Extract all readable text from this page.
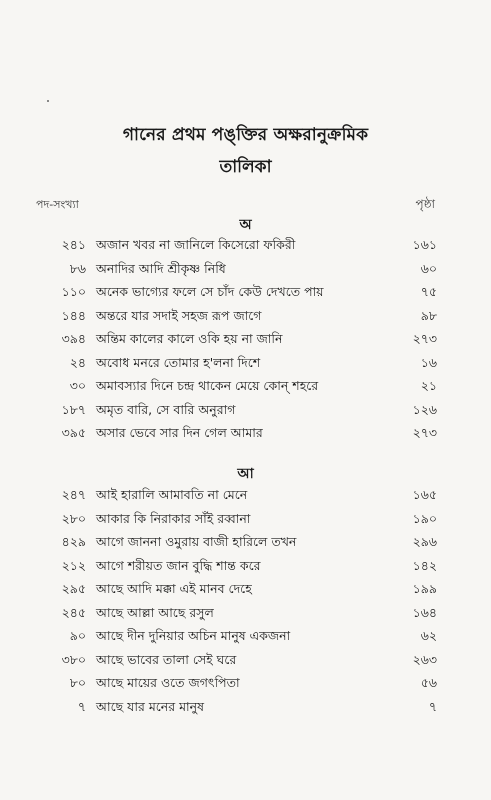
গানের প্রথম পঙ্‌ক্তির অক্ষরানুক্রমিক
তালিকা
পদ-সংখ্যা	পৃষ্ঠা
অ
২৪১ অজান খবর না জানিলে কিসেরো ফকিরী	১৬১
৮৬ অনাদির আদি শ্রীকৃষ্ণ নিধি	৬০
১১০ অনেক ভাগ্যের ফলে সে চাঁদ কেউ দেখতে পায়	৭৫
১৪৪ অন্তরে যার সদাই সহজ রূপ জাগে	৯৮
৩৯৪ অন্তিম কালের কালে ওকি হয় না জানি	২৭৩
২৪ অবোধ মনরে তোমার হ'লনা দিশে	১৬
৩০ অমাবস্যার দিনে চন্দ্র থাকেন মেয়ে কোন্ শহরে	২১
১৮৭ অমৃত বারি, সে বারি অনুরাগ	১২৬
৩৯৫ অসার ভেবে সার দিন গেল আমার	২৭৩
আ
২৪৭ আই হারালি আমাবতি না মেনে	১৬৫
২৮০ আকার কি নিরাকার সাঁই রব্বানা	১৯০
৪২৯ আগে জাননা ওমুরায় বাজী হারিলে তখন	২৯৬
২১২ আগে শরীয়ত জান বুদ্ধি শান্ত করে	১৪২
২৯৫ আছে আদি মক্কা এই মানব দেহে	১৯৯
২৪৫ আছে আল্লা আছে রসুল	১৬৪
৯০ আছে দীন দুনিয়ার অচিন মানুষ একজনা	৬২
৩৮০ আছে ভাবের তালা সেই ঘরে	২৬৩
৮০ আছে মায়ের ওতে জগৎপিতা	৫৬
৭ আছে যার মনের মানুষ	৭
